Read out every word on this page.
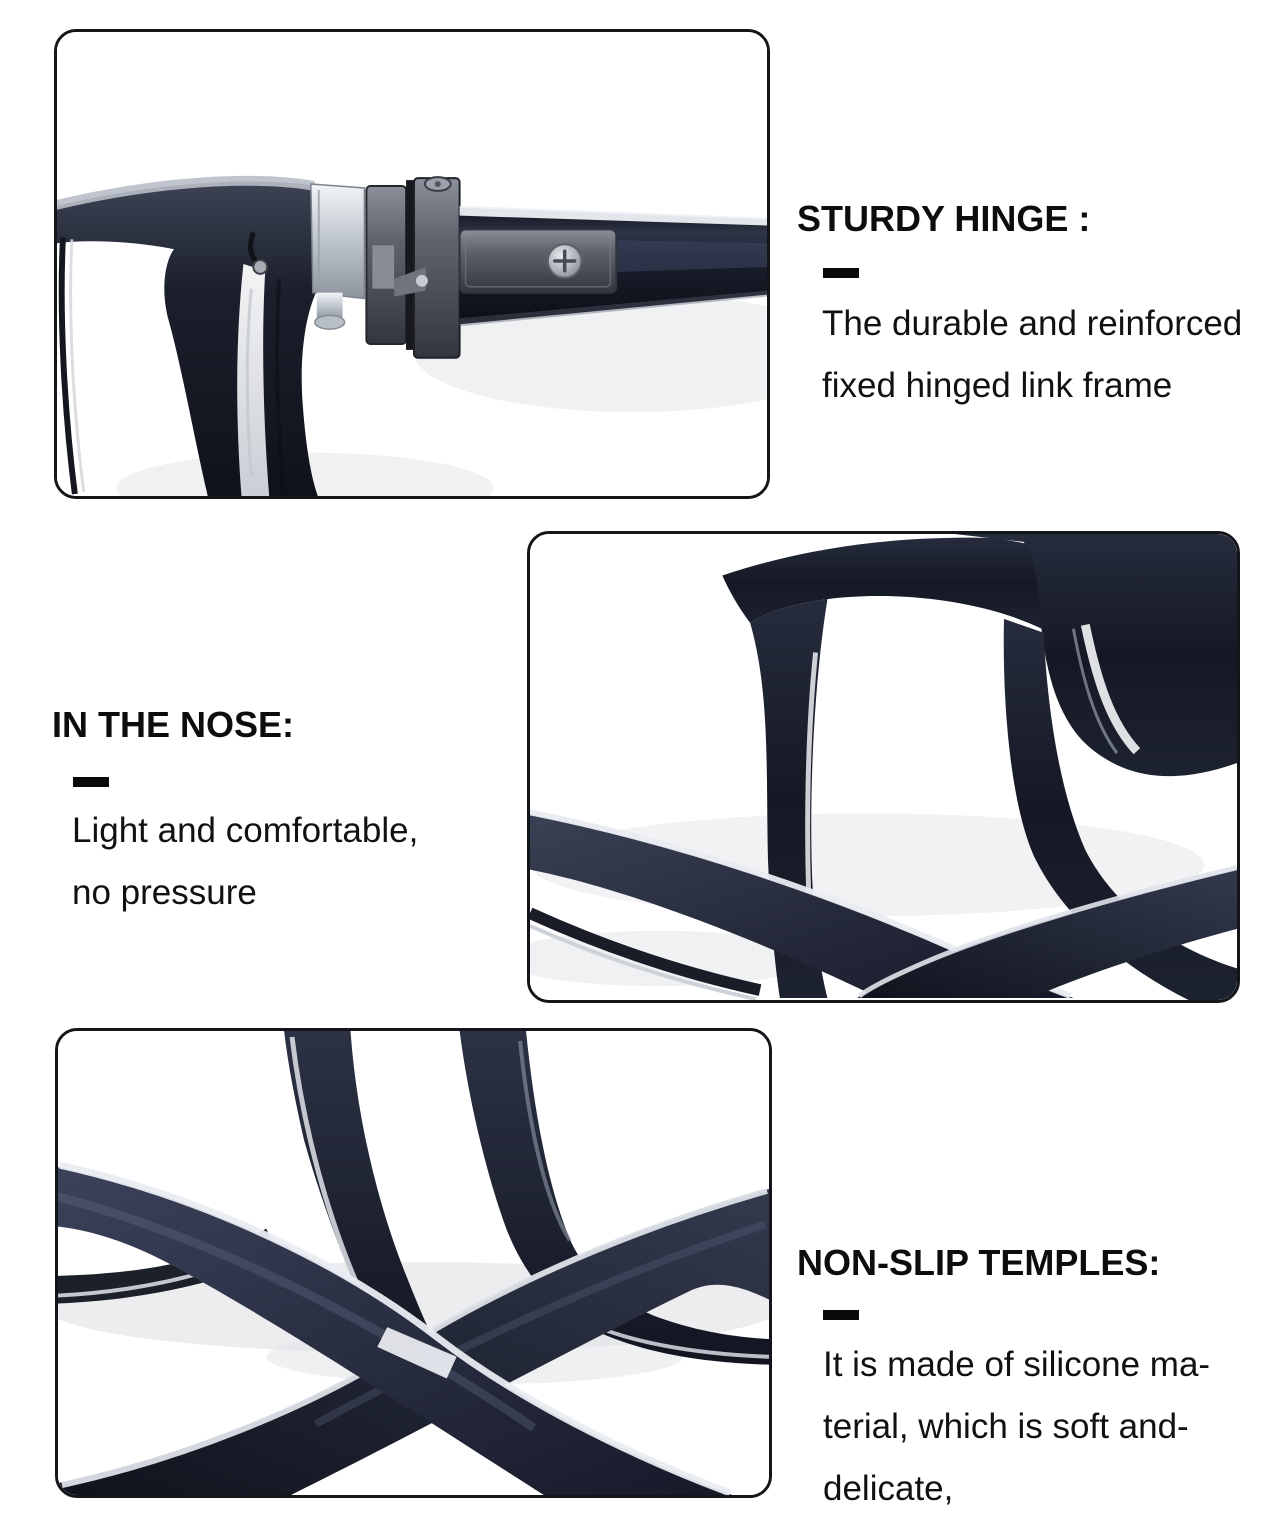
STURDY HINGE :
The durable and reinforced
fixed hinged link frame
IN THE NOSE:
Light and comfortable,
no pressure
NON-SLIP TEMPLES:
It is made of silicone ma-
terial, which is soft and-
delicate,
